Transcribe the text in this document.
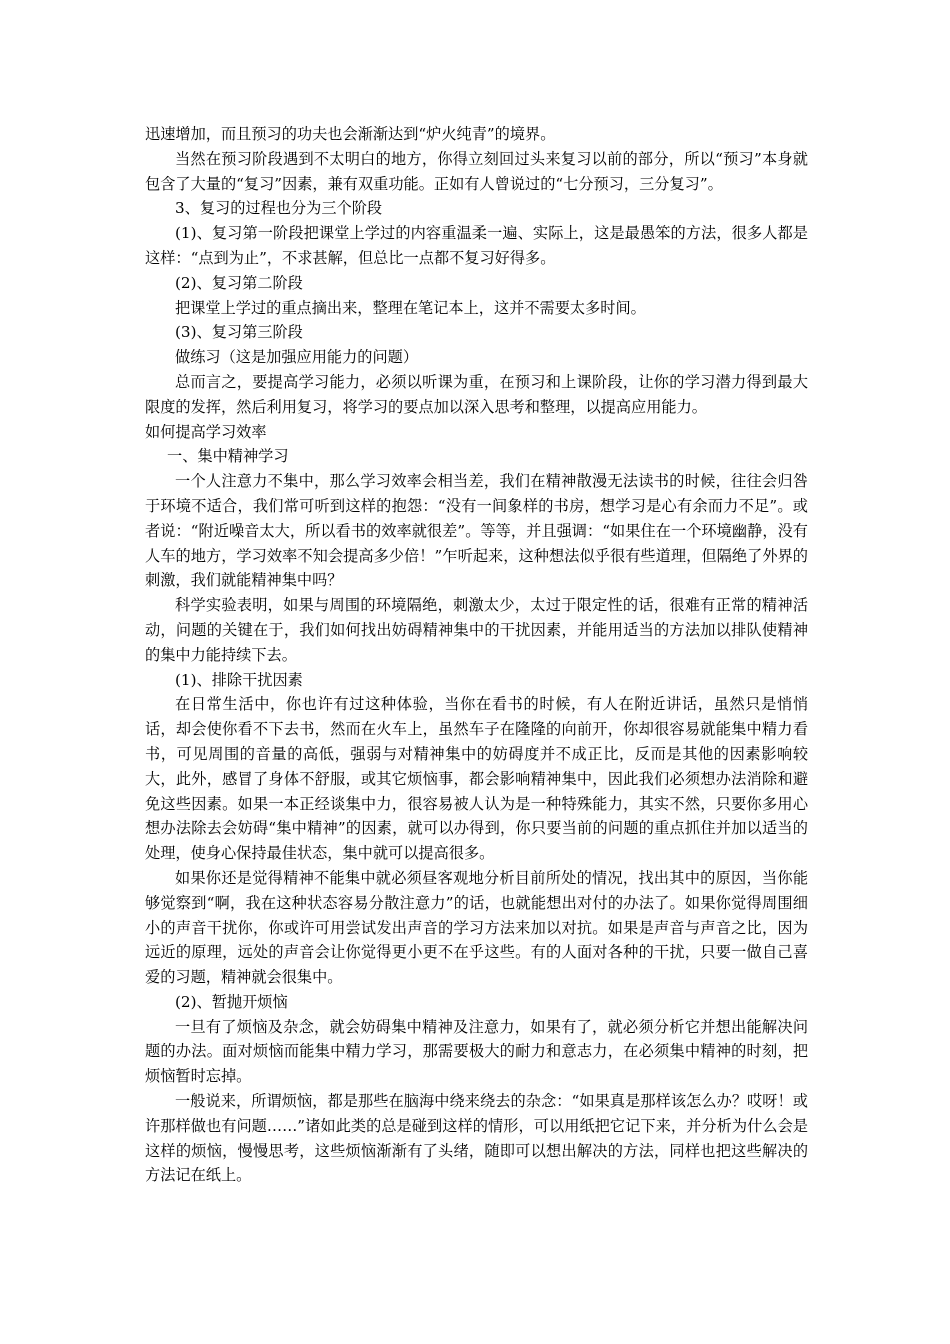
迅速增加，而且预习的功夫也会渐渐达到“炉火纯青”的境界。

当然在预习阶段遇到不太明白的地方，你得立刻回过头来复习以前的部分，所以“预习”本身就包含了大量的“复习”因素，兼有双重功能。正如有人曾说过的“七分预习，三分复习”。

3、复习的过程也分为三个阶段

(1)、复习第一阶段把课堂上学过的内容重温柔一遍、实际上，这是最愚笨的方法，很多人都是这样：“点到为止”，不求甚解，但总比一点都不复习好得多。

(2)、复习第二阶段

把课堂上学过的重点摘出来，整理在笔记本上，这并不需要太多时间。

(3)、复习第三阶段

做练习（这是加强应用能力的问题）

总而言之，要提高学习能力，必须以听课为重，在预习和上课阶段，让你的学习潜力得到最大限度的发挥，然后利用复习，将学习的要点加以深入思考和整理，以提高应用能力。

如何提高学习效率

一、集中精神学习

一个人注意力不集中，那么学习效率会相当差，我们在精神散漫无法读书的时候，往往会归咎于环境不适合，我们常可听到这样的抱怨：“没有一间象样的书房，想学习是心有余而力不足”。或者说：“附近噪音太大，所以看书的效率就很差”。等等，并且强调：“如果住在一个环境幽静，没有人车的地方，学习效率不知会提高多少倍！”乍听起来，这种想法似乎很有些道理，但隔绝了外界的刺激，我们就能精神集中吗？

科学实验表明，如果与周围的环境隔绝，刺激太少，太过于限定性的话，很难有正常的精神活动，问题的关键在于，我们如何找出妨碍精神集中的干扰因素，并能用适当的方法加以排队使精神的集中力能持续下去。

(1)、排除干扰因素

在日常生活中，你也许有过这种体验，当你在看书的时候，有人在附近讲话，虽然只是悄悄话，却会使你看不下去书，然而在火车上，虽然车子在隆隆的向前开，你却很容易就能集中精力看书，可见周围的音量的高低，强弱与对精神集中的妨碍度并不成正比，反而是其他的因素影响较大，此外，感冒了身体不舒服，或其它烦恼事，都会影响精神集中，因此我们必须想办法消除和避免这些因素。如果一本正经谈集中力，很容易被人认为是一种特殊能力，其实不然，只要你多用心想办法除去会妨碍“集中精神”的因素，就可以办得到，你只要当前的问题的重点抓住并加以适当的处理，使身心保持最佳状态，集中就可以提高很多。

如果你还是觉得精神不能集中就必须昼客观地分析目前所处的情况，找出其中的原因，当你能够觉察到“啊，我在这种状态容易分散注意力”的话，也就能想出对付的办法了。如果你觉得周围细小的声音干扰你，你或许可用尝试发出声音的学习方法来加以对抗。如果是声音与声音之比，因为远近的原理，远处的声音会让你觉得更小更不在乎这些。有的人面对各种的干扰，只要一做自己喜爱的习题，精神就会很集中。

(2)、暂抛开烦恼

一旦有了烦恼及杂念，就会妨碍集中精神及注意力，如果有了，就必须分析它并想出能解决问题的办法。面对烦恼而能集中精力学习，那需要极大的耐力和意志力，在必须集中精神的时刻，把烦恼暂时忘掉。

一般说来，所谓烦恼，都是那些在脑海中绕来绕去的杂念：“如果真是那样该怎么办？哎呀！或许那样做也有问题……”诸如此类的总是碰到这样的情形，可以用纸把它记下来，并分析为什么会是这样的烦恼，慢慢思考，这些烦恼渐渐有了头绪，随即可以想出解决的方法，同样也把这些解决的方法记在纸上。
